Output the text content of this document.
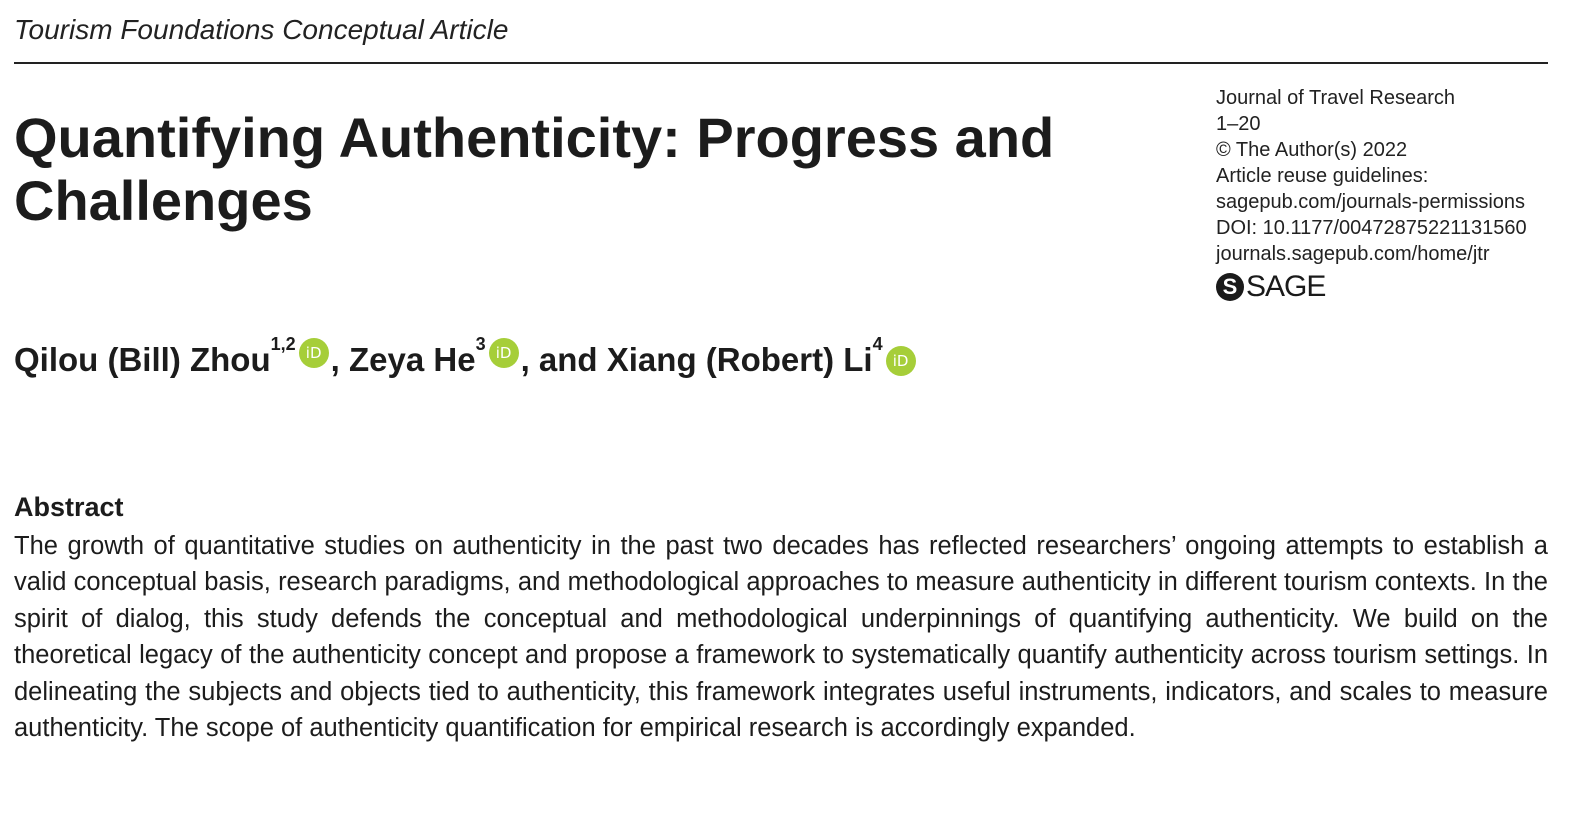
Tourism Foundations Conceptual Article
Quantifying Authenticity: Progress and Challenges
Journal of Travel Research
1–20
© The Author(s) 2022
Article reuse guidelines:
sagepub.com/journals-permissions
DOI: 10.1177/00472875221131560
journals.sagepub.com/home/jtr
S SAGE
Qilou (Bill) Zhou$^{1,2}$ iD , Zeya He$^3$ iD , and Xiang (Robert) Li$^4$
iD
Abstract

The growth of quantitative studies on authenticity in the past two decades has reflected researchers’ ongoing attempts to establish a valid conceptual basis, research paradigms, and methodological approaches to measure authenticity in different tourism contexts. In the spirit of dialog, this study defends the conceptual and methodological underpinnings of quantifying authenticity. We build on the theoretical legacy of the authenticity concept and propose a framework to systematically quantify authenticity across tourism settings. In delineating the subjects and objects tied to authenticity, this framework integrates useful instruments, indicators, and scales to measure authenticity. The scope of authenticity quantification for empirical research is accordingly expanded.
